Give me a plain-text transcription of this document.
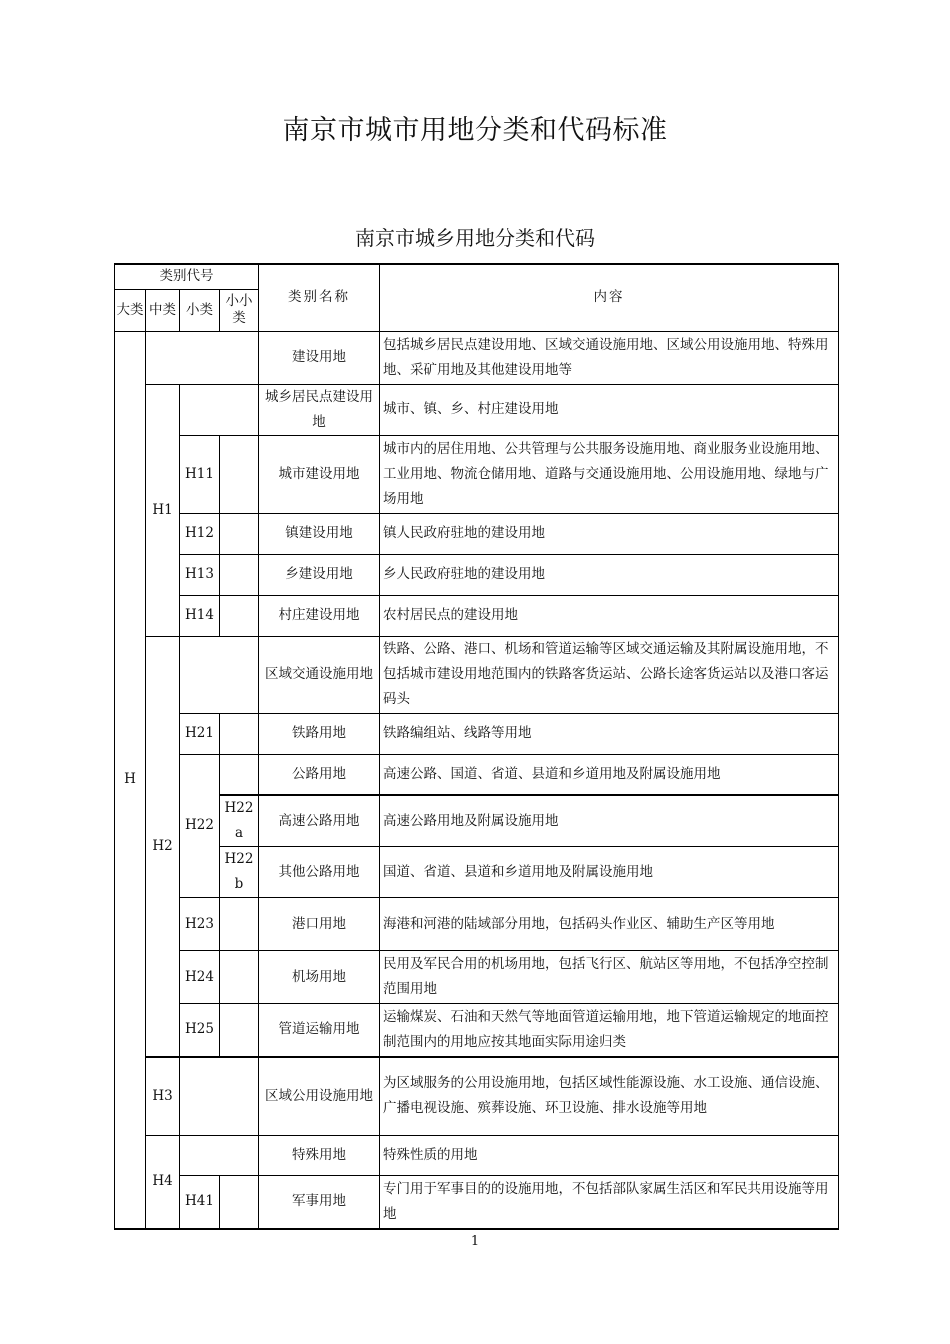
南京市城市用地分类和代码标准
南京市城乡用地分类和代码
类别代号				类别名称	内容
大类	中类	小类	小小类		
H				建设用地	包括城乡居民点建设用地、区域交通设施用地、区域公用设施用地、特殊用地、采矿用地及其他建设用地等
	H1			城乡居民点建设用地	城市、镇、乡、村庄建设用地
		H11		城市建设用地	城市内的居住用地、公共管理与公共服务设施用地、商业服务业设施用地、工业用地、物流仓储用地、道路与交通设施用地、公用设施用地、绿地与广场用地
		H12		镇建设用地	镇人民政府驻地的建设用地
		H13		乡建设用地	乡人民政府驻地的建设用地
		H14		村庄建设用地	农村居民点的建设用地
	H2			区域交通设施用地	铁路、公路、港口、机场和管道运输等区域交通运输及其附属设施用地，不包括城市建设用地范围内的铁路客货运站、公路长途客货运站以及港口客运码头
		H21		铁路用地	铁路编组站、线路等用地
		H22		公路用地	高速公路、国道、省道、县道和乡道用地及附属设施用地
			H22a	高速公路用地	高速公路用地及附属设施用地
			H22b	其他公路用地	国道、省道、县道和乡道用地及附属设施用地
		H23		港口用地	海港和河港的陆域部分用地，包括码头作业区、辅助生产区等用地
		H24		机场用地	民用及军民合用的机场用地，包括飞行区、航站区等用地，不包括净空控制范围用地
		H25		管道运输用地	运输煤炭、石油和天然气等地面管道运输用地，地下管道运输规定的地面控制范围内的用地应按其地面实际用途归类
	H3			区域公用设施用地	为区域服务的公用设施用地，包括区域性能源设施、水工设施、通信设施、广播电视设施、殡葬设施、环卫设施、排水设施等用地
	H4			特殊用地	特殊性质的用地
		H41		军事用地	专门用于军事目的的设施用地，不包括部队家属生活区和军民共用设施等用地
1
